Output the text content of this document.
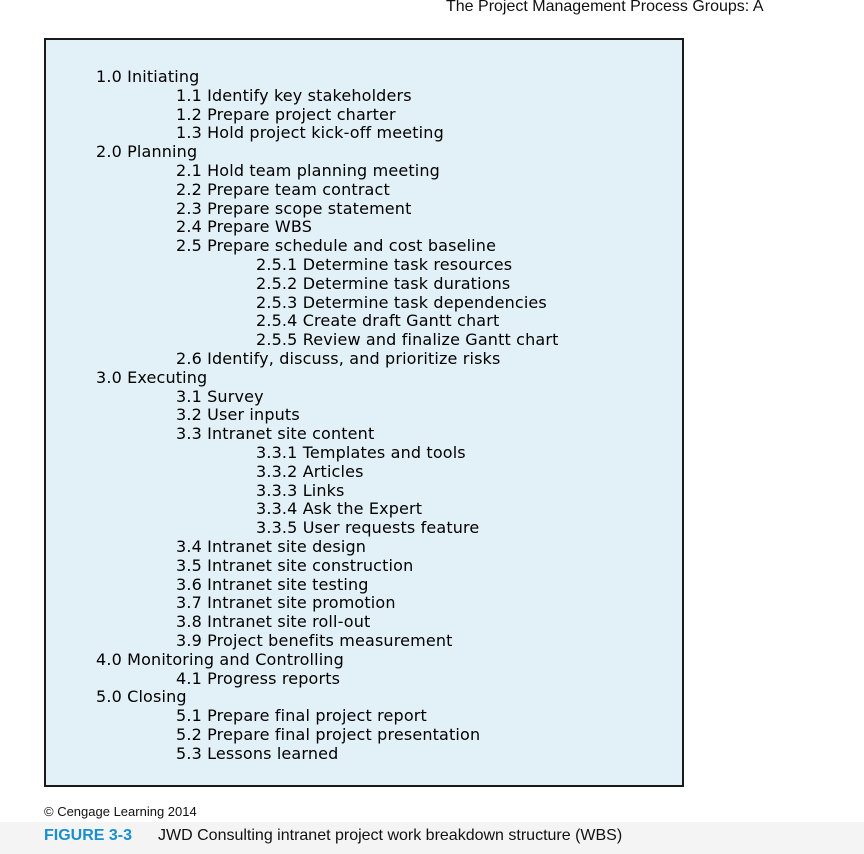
The Project Management Process Groups: A
1.0 Initiating
1.1 Identify key stakeholders
1.2 Prepare project charter
1.3 Hold project kick-off meeting
2.0 Planning
2.1 Hold team planning meeting
2.2 Prepare team contract
2.3 Prepare scope statement
2.4 Prepare WBS
2.5 Prepare schedule and cost baseline
2.5.1 Determine task resources
2.5.2 Determine task durations
2.5.3 Determine task dependencies
2.5.4 Create draft Gantt chart
2.5.5 Review and finalize Gantt chart
2.6 Identify, discuss, and prioritize risks
3.0 Executing
3.1 Survey
3.2 User inputs
3.3 Intranet site content
3.3.1 Templates and tools
3.3.2 Articles
3.3.3 Links
3.3.4 Ask the Expert
3.3.5 User requests feature
3.4 Intranet site design
3.5 Intranet site construction
3.6 Intranet site testing
3.7 Intranet site promotion
3.8 Intranet site roll-out
3.9 Project benefits measurement
4.0 Monitoring and Controlling
4.1 Progress reports
5.0 Closing
5.1 Prepare final project report
5.2 Prepare final project presentation
5.3 Lessons learned
© Cengage Learning 2014
FIGURE 3-3 JWD Consulting intranet project work breakdown structure (WBS)
